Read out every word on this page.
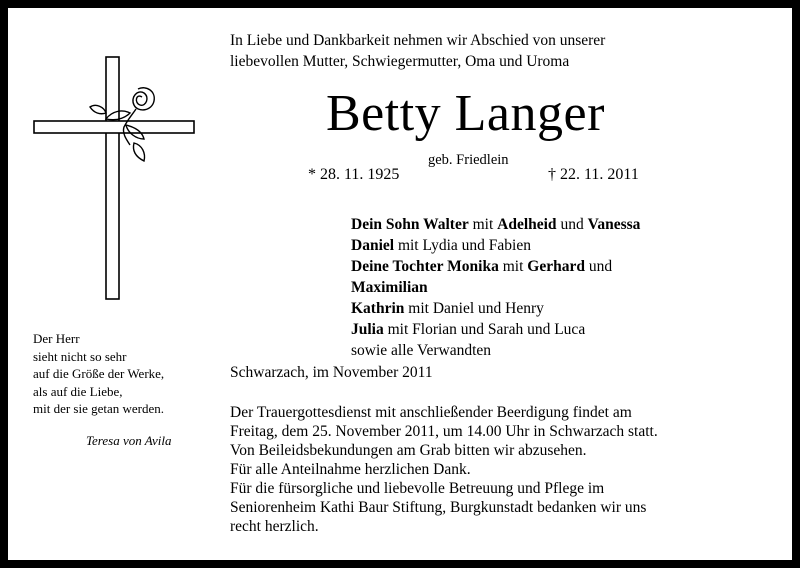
In Liebe und Dankbarkeit nehmen wir Abschied von unserer
liebevollen Mutter, Schwiegermutter, Oma und Uroma
Betty Langer
* 28. 11. 1925
geb. Friedlein
† 22. 11. 2011
Dein Sohn Walter mit Adelheid und Vanessa
Daniel mit Lydia und Fabien
Deine Tochter Monika mit Gerhard und
Maximilian
Kathrin mit Daniel und Henry
Julia mit Florian und Sarah und Luca
sowie alle Verwandten
Schwarzach, im November 2011
Der Trauergottesdienst mit anschließender Beerdigung findet am
Freitag, dem 25. November 2011, um 14.00 Uhr in Schwarzach statt.
Von Beileidsbekundungen am Grab bitten wir abzusehen.
Für alle Anteilnahme herzlichen Dank.
Für die fürsorgliche und liebevolle Betreuung und Pflege im
Seniorenheim Kathi Baur Stiftung, Burgkunstadt bedanken wir uns
recht herzlich.
Der Herr
sieht nicht so sehr
auf die Größe der Werke,
als auf die Liebe,
mit der sie getan werden.
Teresa von Avila
